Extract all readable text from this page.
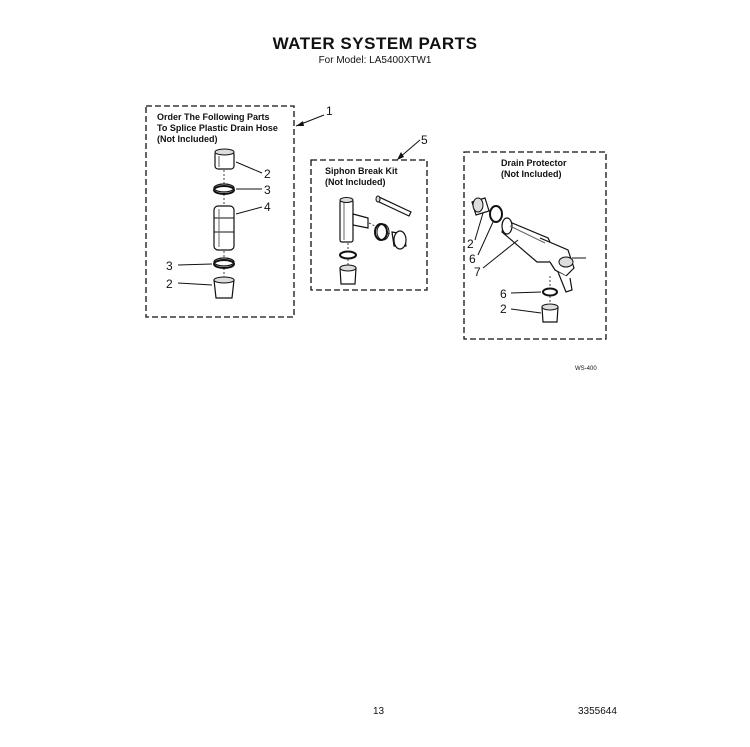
WATER SYSTEM PARTS
For Model: LA5400XTW1
Order The Following Parts
To Splice Plastic Drain Hose
(Not Included)
1
2
3
4
3
2
Siphon Break Kit
(Not Included)
5
Drain Protector
(Not Included)
2
6
7
6
2
WS-400
13	3355644
